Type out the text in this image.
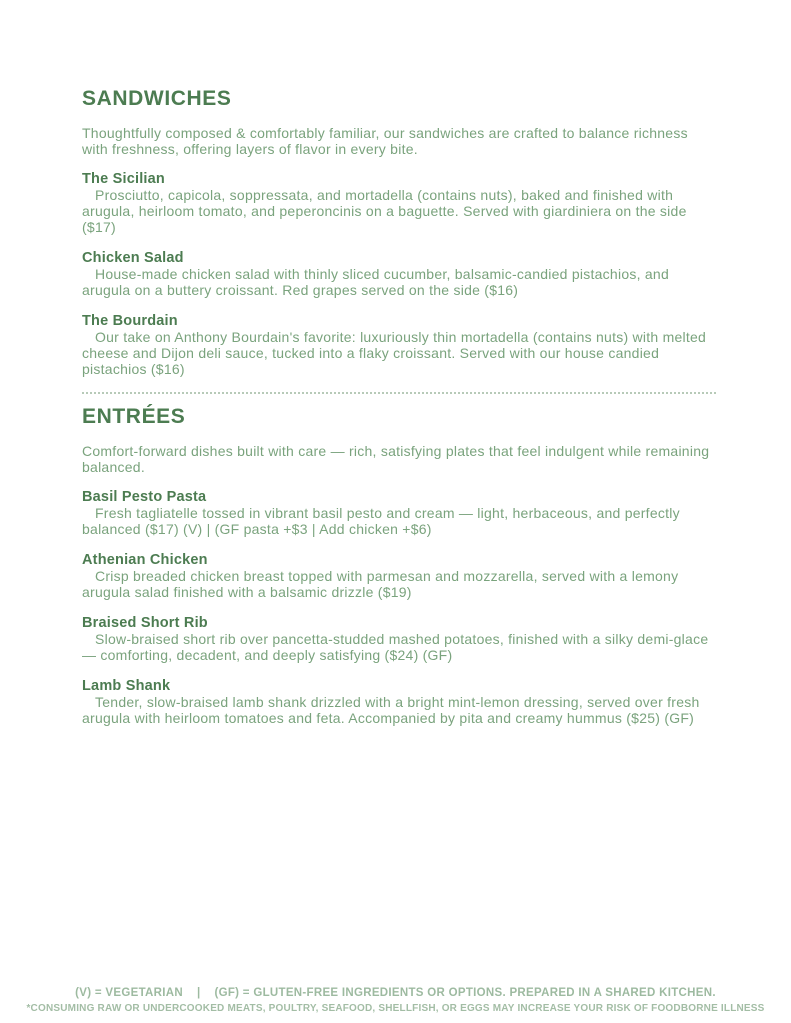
SANDWICHES

Thoughtfully composed & comfortably familiar, our sandwiches are crafted to balance richness with freshness, offering layers of flavor in every bite.

The Sicilian

Prosciutto, capicola, soppressata, and mortadella (contains nuts), baked and finished with arugula, heirloom tomato, and peperoncinis on a baguette. Served with giardiniera on the side ($17)

Chicken Salad

House-made chicken salad with thinly sliced cucumber, balsamic-candied pistachios, and arugula on a buttery croissant. Red grapes served on the side ($16)

The Bourdain

Our take on Anthony Bourdain's favorite: luxuriously thin mortadella (contains nuts) with melted cheese and Dijon deli sauce, tucked into a flaky croissant. Served with our house candied pistachios ($16)

ENTRÉES

Comfort-forward dishes built with care — rich, satisfying plates that feel indulgent while remaining balanced.

Basil Pesto Pasta

Fresh tagliatelle tossed in vibrant basil pesto and cream — light, herbaceous, and perfectly balanced ($17) (V) | (GF pasta +$3 | Add chicken +$6)

Athenian Chicken

Crisp breaded chicken breast topped with parmesan and mozzarella, served with a lemony arugula salad finished with a balsamic drizzle ($19)

Braised Short Rib

Slow-braised short rib over pancetta-studded mashed potatoes, finished with a silky demi-glace — comforting, decadent, and deeply satisfying ($24) (GF)

Lamb Shank

Tender, slow-braised lamb shank drizzled with a bright mint-lemon dressing, served over fresh arugula with heirloom tomatoes and feta. Accompanied by pita and creamy hummus ($25) (GF)

(V) = VEGETARIAN | (GF) = GLUTEN-FREE INGREDIENTS OR OPTIONS. PREPARED IN A SHARED KITCHEN.

*CONSUMING RAW OR UNDERCOOKED MEATS, POULTRY, SEAFOOD, SHELLFISH, OR EGGS MAY INCREASE YOUR RISK OF FOODBORNE ILLNESS
